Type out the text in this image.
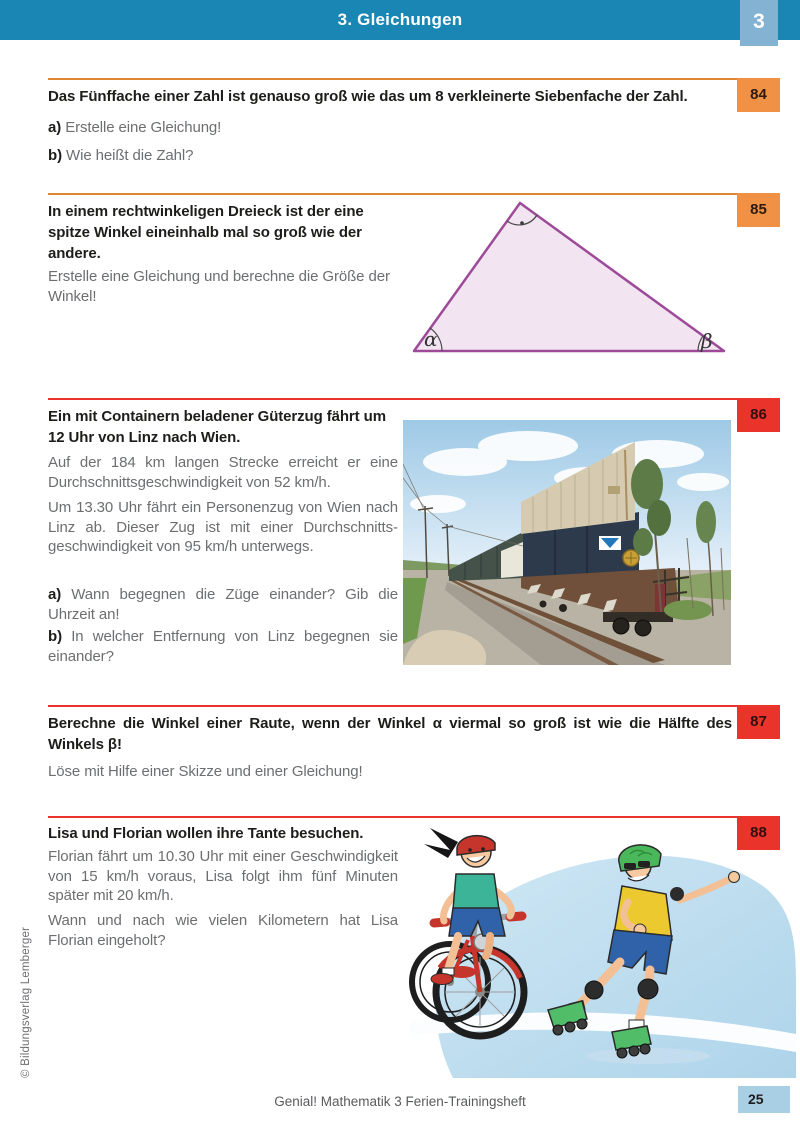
3. Gleichungen	3
84
Das Fünffache einer Zahl ist genauso groß wie das um 8 verkleinerte Siebenfache der Zahl.
a) Erstelle eine Gleichung!
b) Wie heißt die Zahl?
85
In einem rechtwinkeligen Dreieck ist der eine spitze Winkel eineinhalb mal so groß wie der andere.
Erstelle eine Gleichung und berechne die Größe der Winkel!
α	β
86
Ein mit Containern beladener Güterzug fährt um 12 Uhr von Linz nach Wien.
Auf der 184 km langen Strecke erreicht er eine Durchschnittsgeschwindigkeit von 52 km/h.
Um 13.30 Uhr fährt ein Personenzug von Wien nach Linz ab. Dieser Zug ist mit einer Durchschnittsgeschwindigkeit von 95 km/h unterwegs.
a) Wann begegnen die Züge einander? Gib die Uhrzeit an!
b) In welcher Entfernung von Linz begegnen sie einander?
87
Berechne die Winkel einer Raute, wenn der Winkel α viermal so groß ist wie die Hälfte des Winkels β!
Löse mit Hilfe einer Skizze und einer Gleichung!
88
Lisa und Florian wollen ihre Tante besuchen.
Florian fährt um 10.30 Uhr mit einer Geschwindigkeit von 15 km/h voraus, Lisa folgt ihm fünf Minuten später mit 20 km/h.
Wann und nach wie vielen Kilometern hat Lisa Florian eingeholt?
Genial! Mathematik 3 Ferien-Trainingsheft	25
© Bildungsverlag Lemberger
